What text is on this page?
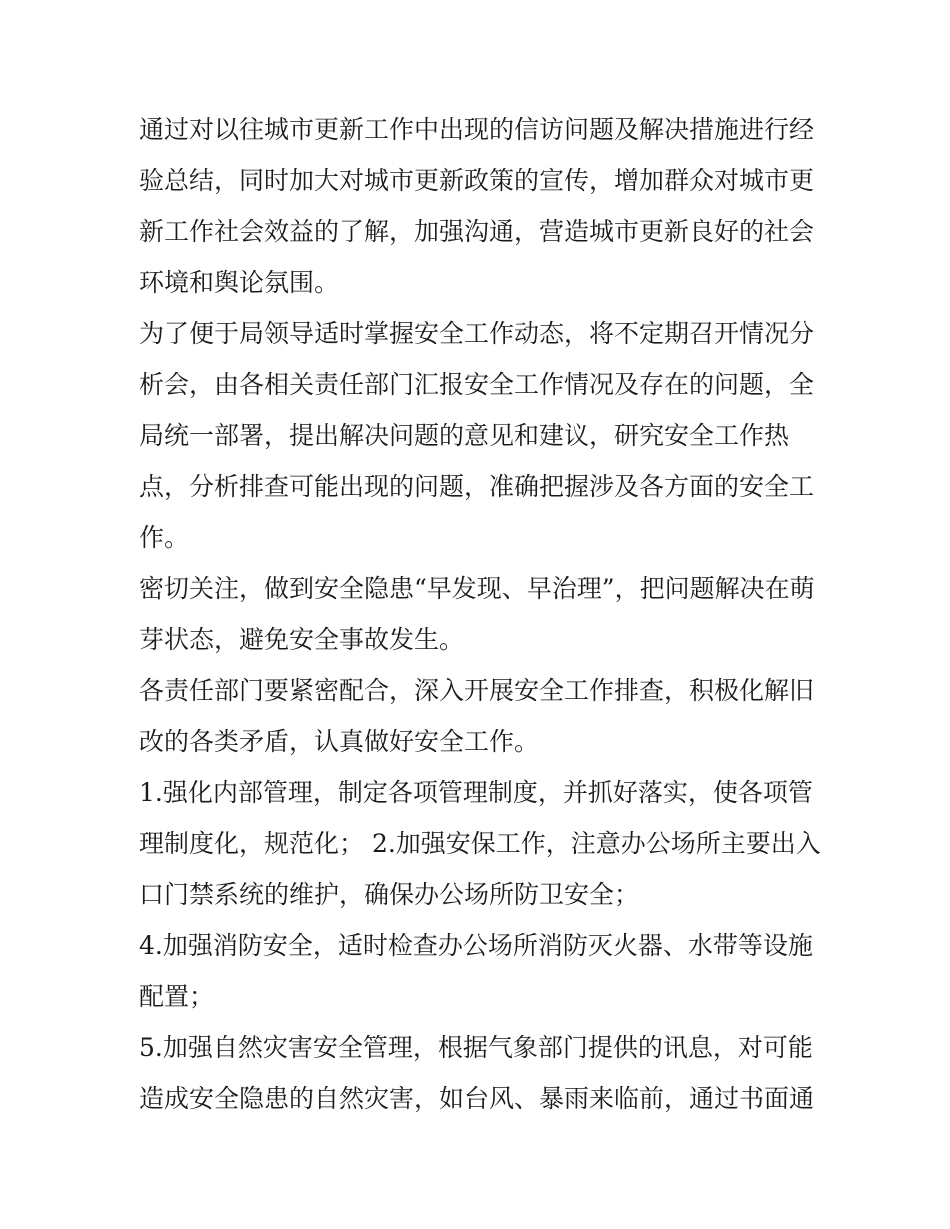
通过对以往城市更新工作中出现的信访问题及解决措施进行经
验总结，同时加大对城市更新政策的宣传，增加群众对城市更
新工作社会效益的了解，加强沟通，营造城市更新良好的社会
环境和舆论氛围。
为了便于局领导适时掌握安全工作动态，将不定期召开情况分
析会，由各相关责任部门汇报安全工作情况及存在的问题，全
局统一部署，提出解决问题的意见和建议，研究安全工作热
点，分析排查可能出现的问题，准确把握涉及各方面的安全工
作。
密切关注，做到安全隐患“早发现、早治理”，把问题解决在萌
芽状态，避免安全事故发生。
各责任部门要紧密配合，深入开展安全工作排查，积极化解旧
改的各类矛盾，认真做好安全工作。
1.强化内部管理，制定各项管理制度，并抓好落实，使各项管
理制度化，规范化； 2.加强安保工作，注意办公场所主要出入
口门禁系统的维护，确保办公场所防卫安全；
4.加强消防安全，适时检查办公场所消防灭火器、水带等设施
配置；
5.加强自然灾害安全管理，根据气象部门提供的讯息，对可能
造成安全隐患的自然灾害，如台风、暴雨来临前，通过书面通
